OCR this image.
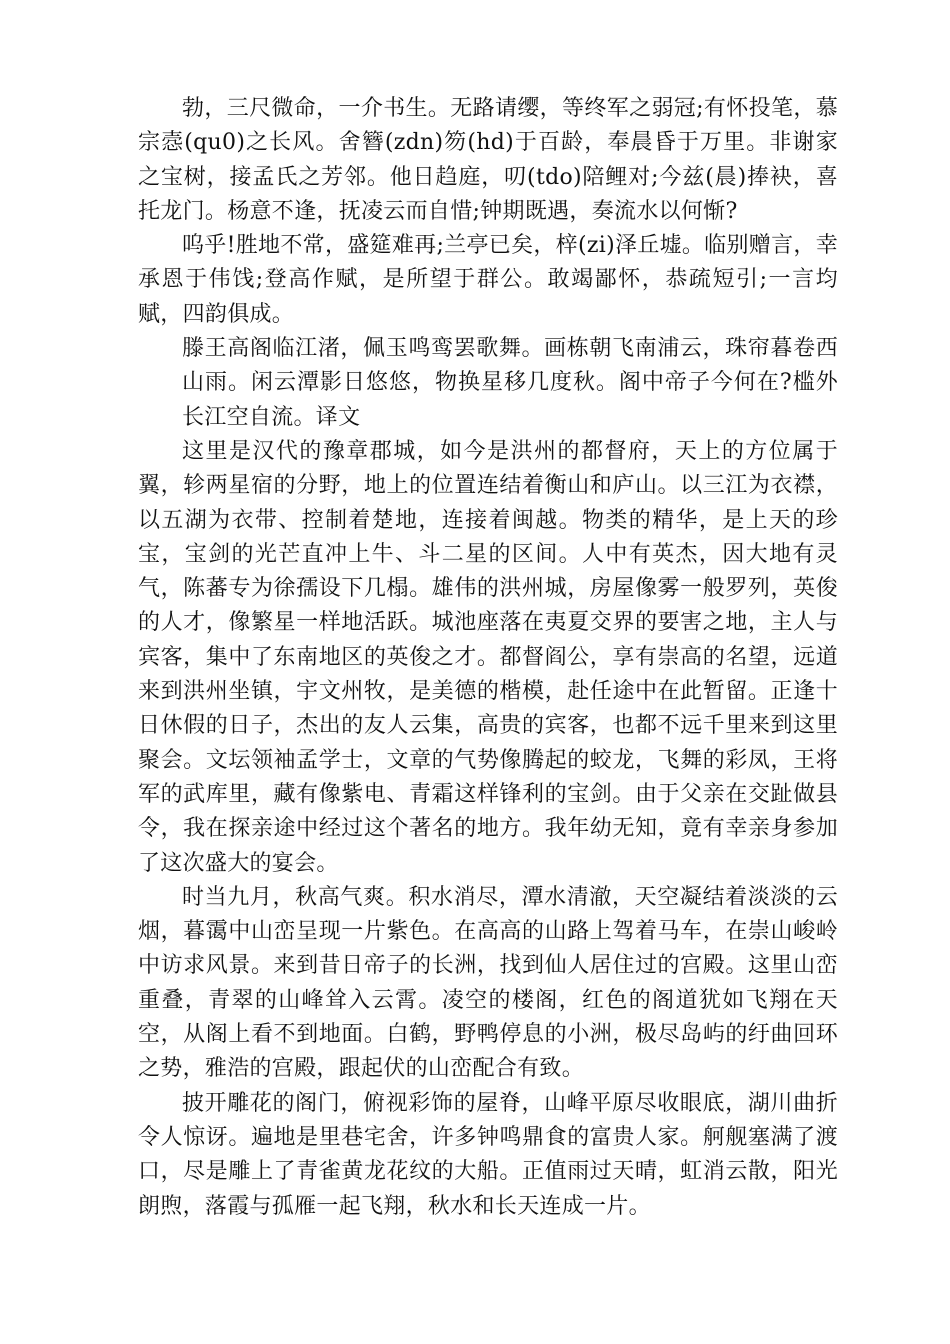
勃，三尺微命，一介书生。无路请缨，等终军之弱冠;有怀投笔，慕宗悫(qu0)之长风。舍簪(zdn)笏(hd)于百龄，奉晨昏于万里。非谢家之宝树，接孟氏之芳邻。他日趋庭，叨(tdo)陪鲤对;今兹(晨)捧袂，喜托龙门。杨意不逢，抚凌云而自惜;钟期既遇，奏流水以何惭?

呜乎!胜地不常，盛筵难再;兰亭已矣，梓(zi)泽丘墟。临别赠言，幸承恩于伟饯;登高作赋，是所望于群公。敢竭鄙怀，恭疏短引;一言均赋，四韵俱成。

滕王高阁临江渚，佩玉鸣鸾罢歌舞。画栋朝飞南浦云，珠帘暮卷西山雨。闲云潭影日悠悠，物换星移几度秋。阁中帝子今何在?槛外长江空自流。译文

这里是汉代的豫章郡城，如今是洪州的都督府，天上的方位属于翼，轸两星宿的分野，地上的位置连结着衡山和庐山。以三江为衣襟，以五湖为衣带、控制着楚地，连接着闽越。物类的精华，是上天的珍宝，宝剑的光芒直冲上牛、斗二星的区间。人中有英杰，因大地有灵气，陈蕃专为徐孺设下几榻。雄伟的洪州城，房屋像雾一般罗列，英俊的人才，像繁星一样地活跃。城池座落在夷夏交界的要害之地，主人与宾客，集中了东南地区的英俊之才。都督阎公，享有崇高的名望，远道来到洪州坐镇，宇文州牧，是美德的楷模，赴任途中在此暂留。正逢十日休假的日子，杰出的友人云集，高贵的宾客，也都不远千里来到这里聚会。文坛领袖孟学士，文章的气势像腾起的蛟龙，飞舞的彩凤，王将军的武库里，藏有像紫电、青霜这样锋利的宝剑。由于父亲在交趾做县令，我在探亲途中经过这个著名的地方。我年幼无知，竟有幸亲身参加了这次盛大的宴会。

时当九月，秋高气爽。积水消尽，潭水清澈，天空凝结着淡淡的云烟，暮霭中山峦呈现一片紫色。在高高的山路上驾着马车，在崇山峻岭中访求风景。来到昔日帝子的长洲，找到仙人居住过的宫殿。这里山峦重叠，青翠的山峰耸入云霄。凌空的楼阁，红色的阁道犹如飞翔在天空，从阁上看不到地面。白鹤，野鸭停息的小洲，极尽岛屿的纡曲回环之势，雅浩的宫殿，跟起伏的山峦配合有致。

披开雕花的阁门，俯视彩饰的屋脊，山峰平原尽收眼底，湖川曲折令人惊讶。遍地是里巷宅舍，许多钟鸣鼎食的富贵人家。舸舰塞满了渡口，尽是雕上了青雀黄龙花纹的大船。正值雨过天晴，虹消云散，阳光朗煦，落霞与孤雁一起飞翔，秋水和长天连成一片。
